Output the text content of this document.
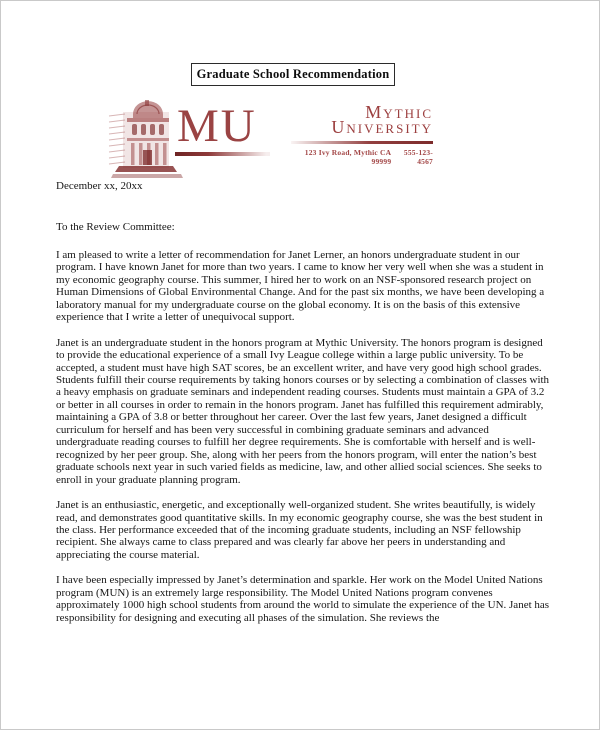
Graduate School Recommendation
MU	Mythic
University
123 Ivy Road, Mythic CA 99999
555-123-4567

December xx, 20xx

To the Review Committee:

I am pleased to write a letter of recommendation for Janet Lerner, an honors undergraduate student in our program. I have known Janet for more than two years. I came to know her very well when she was a student in my economic geography course. This summer, I hired her to work on an NSF-sponsored research project on Human Dimensions of Global Environmental Change. And for the past six months, we have been developing a laboratory manual for my undergraduate course on the global economy. It is on the basis of this extensive experience that I write a letter of unequivocal support.

Janet is an undergraduate student in the honors program at Mythic University. The honors program is designed to provide the educational experience of a small Ivy League college within a large public university. To be accepted, a student must have high SAT scores, be an excellent writer, and have very good high school grades. Students fulfill their course requirements by taking honors courses or by selecting a combination of classes with a heavy emphasis on graduate seminars and independent reading courses. Students must maintain a GPA of 3.2 or better in all courses in order to remain in the honors program. Janet has fulfilled this requirement admirably, maintaining a GPA of 3.8 or better throughout her career. Over the last few years, Janet designed a difficult curriculum for herself and has been very successful in combining graduate seminars and advanced undergraduate reading courses to fulfill her degree requirements. She is comfortable with herself and is well-recognized by her peer group. She, along with her peers from the honors program, will enter the nation’s best graduate schools next year in such varied fields as medicine, law, and other allied social sciences. She seeks to enroll in your graduate planning program.

Janet is an enthusiastic, energetic, and exceptionally well-organized student. She writes beautifully, is widely read, and demonstrates good quantitative skills. In my economic geography course, she was the best student in the class. Her performance exceeded that of the incoming graduate students, including an NSF fellowship recipient. She always came to class prepared and was clearly far above her peers in understanding and appreciating the course material.

I have been especially impressed by Janet’s determination and sparkle. Her work on the Model United Nations program (MUN) is an extremely large responsibility. The Model United Nations program convenes approximately 1000 high school students from around the world to simulate the experience of the UN. Janet has responsibility for designing and executing all phases of the simulation. She reviews the
